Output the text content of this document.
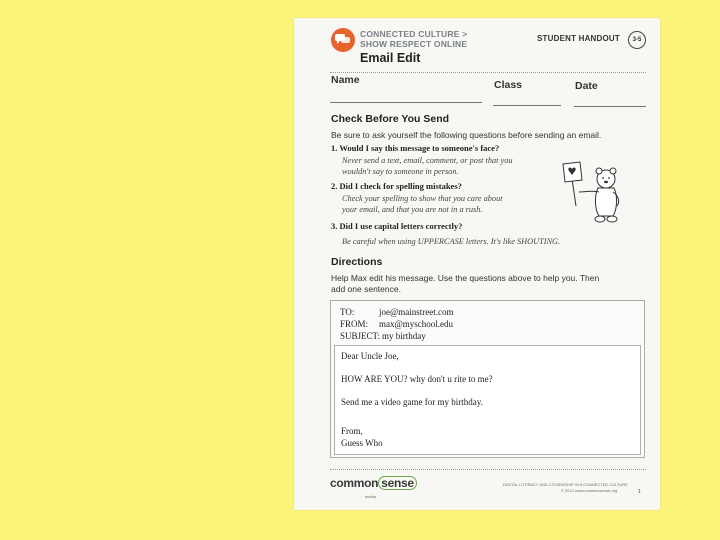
CONNECTED CULTURE >
SHOW RESPECT ONLINE
Email Edit
STUDENT HANDOUT	3-5
Name	Class	Date
Check Before You Send
Be sure to ask yourself the following questions before sending an email.
1. Would I say this message to someone's face?
Never send a text, email, comment, or post that you
wouldn't say to someone in person.
2. Did I check for spelling mistakes?
Check your spelling to show that you care about
your email, and that you are not in a rush.
3. Did I use capital letters correctly?
Be careful when using UPPERCASE letters. It's like SHOUTING.
Directions
Help Max edit his message. Use the questions above to help you. Then
add one sentence.
TO:	joe@mainstreet.com
FROM: max@myschool.edu
SUBJECT: my birthday
Dear Uncle Joe,
HOW ARE YOU? why don't u rite to me?
Send me a video game for my birthday.
From,
Guess Who
common sense
media
DIGITAL LITERACY AND CITIZENSHIP IN A CONNECTED CULTURE
© 2012 www.commonsense.org	1
